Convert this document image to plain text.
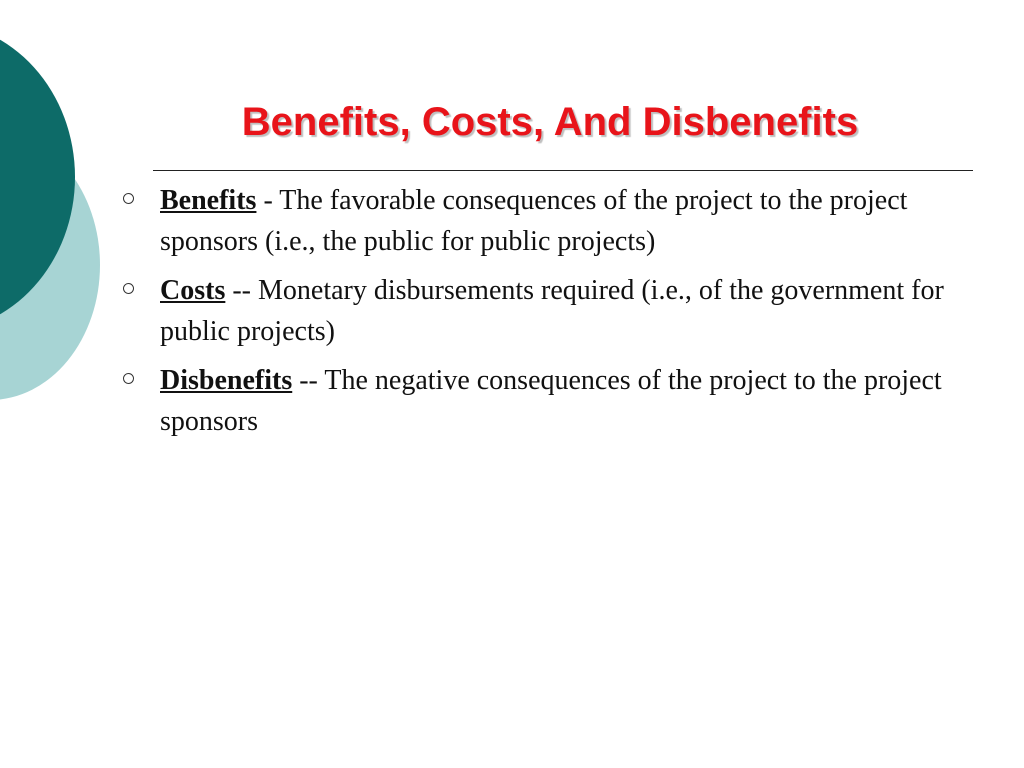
Benefits, Costs, And Disbenefits
Benefits - The favorable consequences of the project to the project sponsors (i.e., the public for public projects)
Costs -- Monetary disbursements required (i.e., of the government for public projects)
Disbenefits -- The negative consequences of the project to the project sponsors
